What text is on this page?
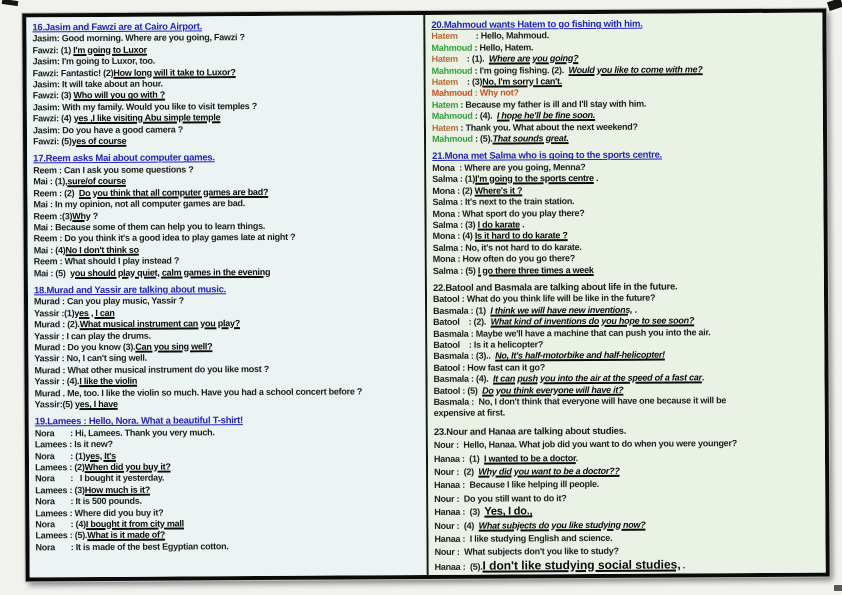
16.Jasim and Fawzi are at Cairo Airport.
Jasim: Good morning. Where are you going, Fawzi ?
Fawzi: (1) I'm going to Luxor
Jasim: I'm going to Luxor, too.
Fawzi: Fantastic! (2)How long will it take to Luxor?
Jasim: It will take about an hour.
Fawzi: (3) Who will you go with ?
Jasim: With my family. Would you like to visit temples ?
Fawzi: (4) yes ,I like visiting Abu simple temple
Jasim: Do you have a good camera ?
Fawzi: (5)yes of course
17.Reem asks Mai about computer games.
Reem : Can I ask you some questions ?
Mai : (1),sure/of course
Reem : (2)  Do you think that all computer games are bad?
Mai : In my opinion, not all computer games are bad.
Reem :(3)Why ?
Mai : Because some of them can help you to learn things.
Reem : Do you think it's a good idea to play games late at night ?
Mai : (4)No I don't think so
Reem : What should I play instead ?
Mai : (5)  you should play quiet, calm games in the evening
18.Murad and Yassir are talking about music.
Murad : Can you play music, Yassir ?
Yassir :(1)yes , I can
Murad : (2).What musical instrument can you play?
Yassir : I can play the drums.
Murad : Do you know (3).Can you sing well?
Yassir : No, I can't sing well.
Murad : What other musical instrument do you like most ?
Yassir : (4).I like the violin
Murad . Me, too. I like the violin so much. Have you had a school concert before ?
Yassir:(5) yes, I have
19.Lamees : Hello, Nora. What a beautiful T-shirt!
Nora       : Hi, Lamees. Thank you very much.
Lamees : Is it new?
Nora       : (1)yes, It's
Lamees : (2)When did you buy it?
Nora       :   I bought it yesterday.
Lamees : (3)How much is it?
Nora       : It is 500 pounds.
Lamees : Where did you buy it?
Nora       : (4)I bought it from city mall
Lamees : (5).What is it made of?
Nora       : It is made of the best Egyptian cotton.
20.Mahmoud wants Hatem to go fishing with him.
Hatem        : Hello, Mahmoud.
Mahmoud : Hello, Hatem.
Hatem    : (1).  Where are you going?
Mahmoud : I'm going fishing. (2).  Would you like to come with me?
Hatem    : (3)No, I'm sorry I can't.
Mahmoud : Why not?
Hatem : Because my father is ill and I'll stay with him.
Mahmoud : (4).  I hope he'll be fine soon.
Hatem : Thank you. What about the next weekend?
Mahmoud : (5).That sounds great.
21.Mona met Salma who is going to the sports centre.
Mona  : Where are you going, Menna?
Salma : (1)I'm going to the sports centre .
Mona : (2) Where's it ?
Salma : It's next to the train station.
Mona : What sport do you play there?
Salma : (3) I do karate .
Mona : (4) Is it hard to do karate ?
Salma : No, it's not hard to do karate.
Mona : How often do you go there?
Salma : (5) I go there three times a week
22.Batool and Basmala are talking about life in the future.
Batool : What do you think life will be like in the future?
Basmala : (1)  I think we will have new inventions, .
Batool    : (2).  What kind of inventions do you hope to see soon?
Basmala : Maybe we'll have a machine that can push you into the air.
Batool    : Is it a helicopter?
Basmala : (3)..  No, It's half-motorbike and half-helicopter!
Batool : How fast can it go?
Basmala : (4).  It can push you into the air at the speed of a fast car.
Batool : (5)  Do you think everyone will have it?
Basmala :  No, I don't think that everyone will have one because it will be
expensive at first.
23.Nour and Hanaa are talking about studies.
Nour :  Hello, Hanaa. What job did you want to do when you were younger?
Hanaa :  (1)  I wanted to be a doctor.
Nour :  (2)  Why did you want to be a doctor??
Hanaa :  Because I like helping ill people.
Nour :  Do you still want to do it?
Hanaa :  (3)  Yes, I do.,
Nour :  (4)  What subjects do you like studying now?
Hanaa :  I like studying English and science.
Nour :  What subjects don't you like to study?
Hanaa :  (5).I don't like studying social studies, .
